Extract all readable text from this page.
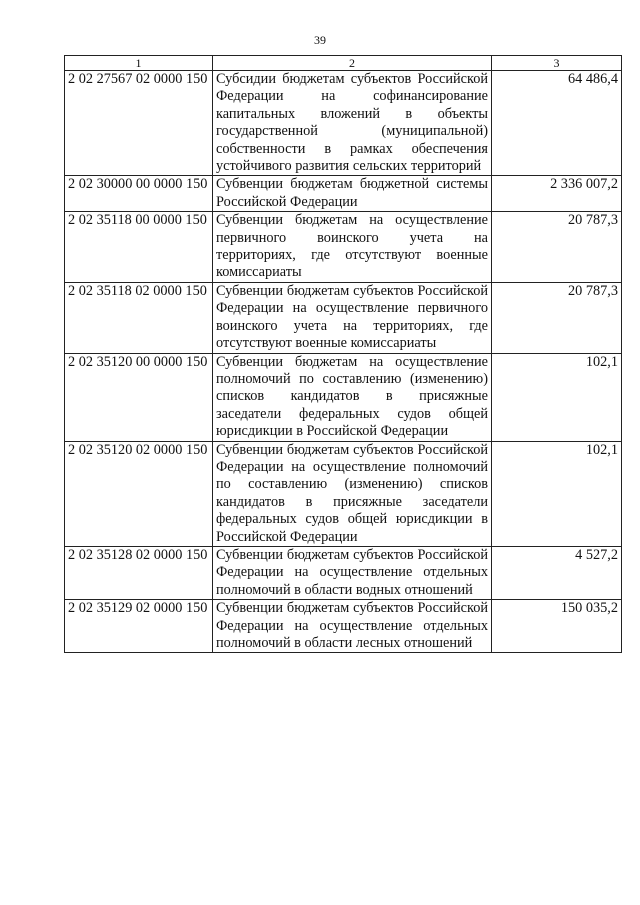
39
1	2	3
2 02 27567 02 0000 150	Субсидии бюджетам субъектов Российской Федерации на софинансирование капитальных вложений в объекты государственной (муниципальной) собственности в рамках обеспечения устойчивого развития сельских территорий	64 486,4
2 02 30000 00 0000 150	Субвенции бюджетам бюджетной системы Российской Федерации	2 336 007,2
2 02 35118 00 0000 150	Субвенции бюджетам на осуществление первичного воинского учета на территориях, где отсутствуют военные комиссариаты	20 787,3
2 02 35118 02 0000 150	Субвенции бюджетам субъектов Российской Федерации на осуществление первичного воинского учета на территориях, где отсутствуют военные комиссариаты	20 787,3
2 02 35120 00 0000 150	Субвенции бюджетам на осуществление полномочий по составлению (изменению) списков кандидатов в присяжные заседатели федеральных судов общей юрисдикции в Российской Федерации	102,1
2 02 35120 02 0000 150	Субвенции бюджетам субъектов Российской Федерации на осуществление полномочий по составлению (изменению) списков кандидатов в присяжные заседатели федеральных судов общей юрисдикции в Российской Федерации	102,1
2 02 35128 02 0000 150	Субвенции бюджетам субъектов Российской Федерации на осуществление отдельных полномочий в области водных отношений	4 527,2
2 02 35129 02 0000 150	Субвенции бюджетам субъектов Российской Федерации на осуществление отдельных полномочий в области лесных отношений	150 035,2
